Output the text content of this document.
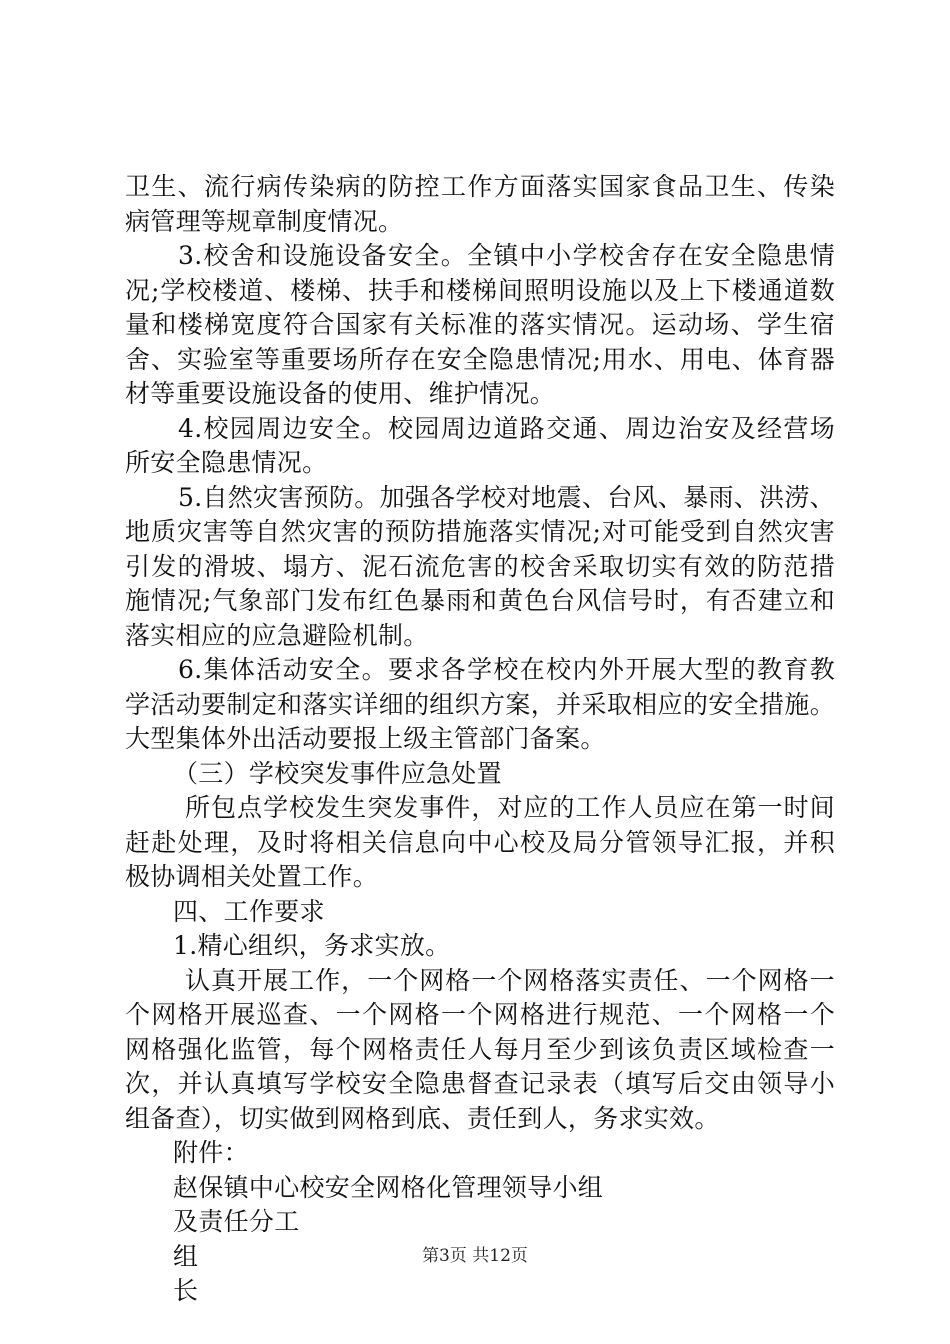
卫生、流行病传染病的防控工作方面落实国家食品卫生、传染
病管理等规章制度情况。
3.校舍和设施设备安全。全镇中小学校舍存在安全隐患情
况;学校楼道、楼梯、扶手和楼梯间照明设施以及上下楼通道数
量和楼梯宽度符合国家有关标准的落实情况。运动场、学生宿
舍、实验室等重要场所存在安全隐患情况;用水、用电、体育器
材等重要设施设备的使用、维护情况。
4.校园周边安全。校园周边道路交通、周边治安及经营场
所安全隐患情况。
5.自然灾害预防。加强各学校对地震、台风、暴雨、洪涝、
地质灾害等自然灾害的预防措施落实情况;对可能受到自然灾害
引发的滑坡、塌方、泥石流危害的校舍采取切实有效的防范措
施情况;气象部门发布红色暴雨和黄色台风信号时，有否建立和
落实相应的应急避险机制。
6.集体活动安全。要求各学校在校内外开展大型的教育教
学活动要制定和落实详细的组织方案，并采取相应的安全措施。
大型集体外出活动要报上级主管部门备案。
（三）学校突发事件应急处置
所包点学校发生突发事件，对应的工作人员应在第一时间
赶赴处理，及时将相关信息向中心校及局分管领导汇报，并积
极协调相关处置工作。
四、工作要求
1.精心组织，务求实放。
认真开展工作，一个网格一个网格落实责任、一个网格一
个网格开展巡查、一个网格一个网格进行规范、一个网格一个
网格强化监管，每个网格责任人每月至少到该负责区域检查一
次，并认真填写学校安全隐患督查记录表（填写后交由领导小
组备查），切实做到网格到底、责任到人，务求实效。
附件：
赵保镇中心校安全网格化管理领导小组
及责任分工
组
长
第3页 共12页
